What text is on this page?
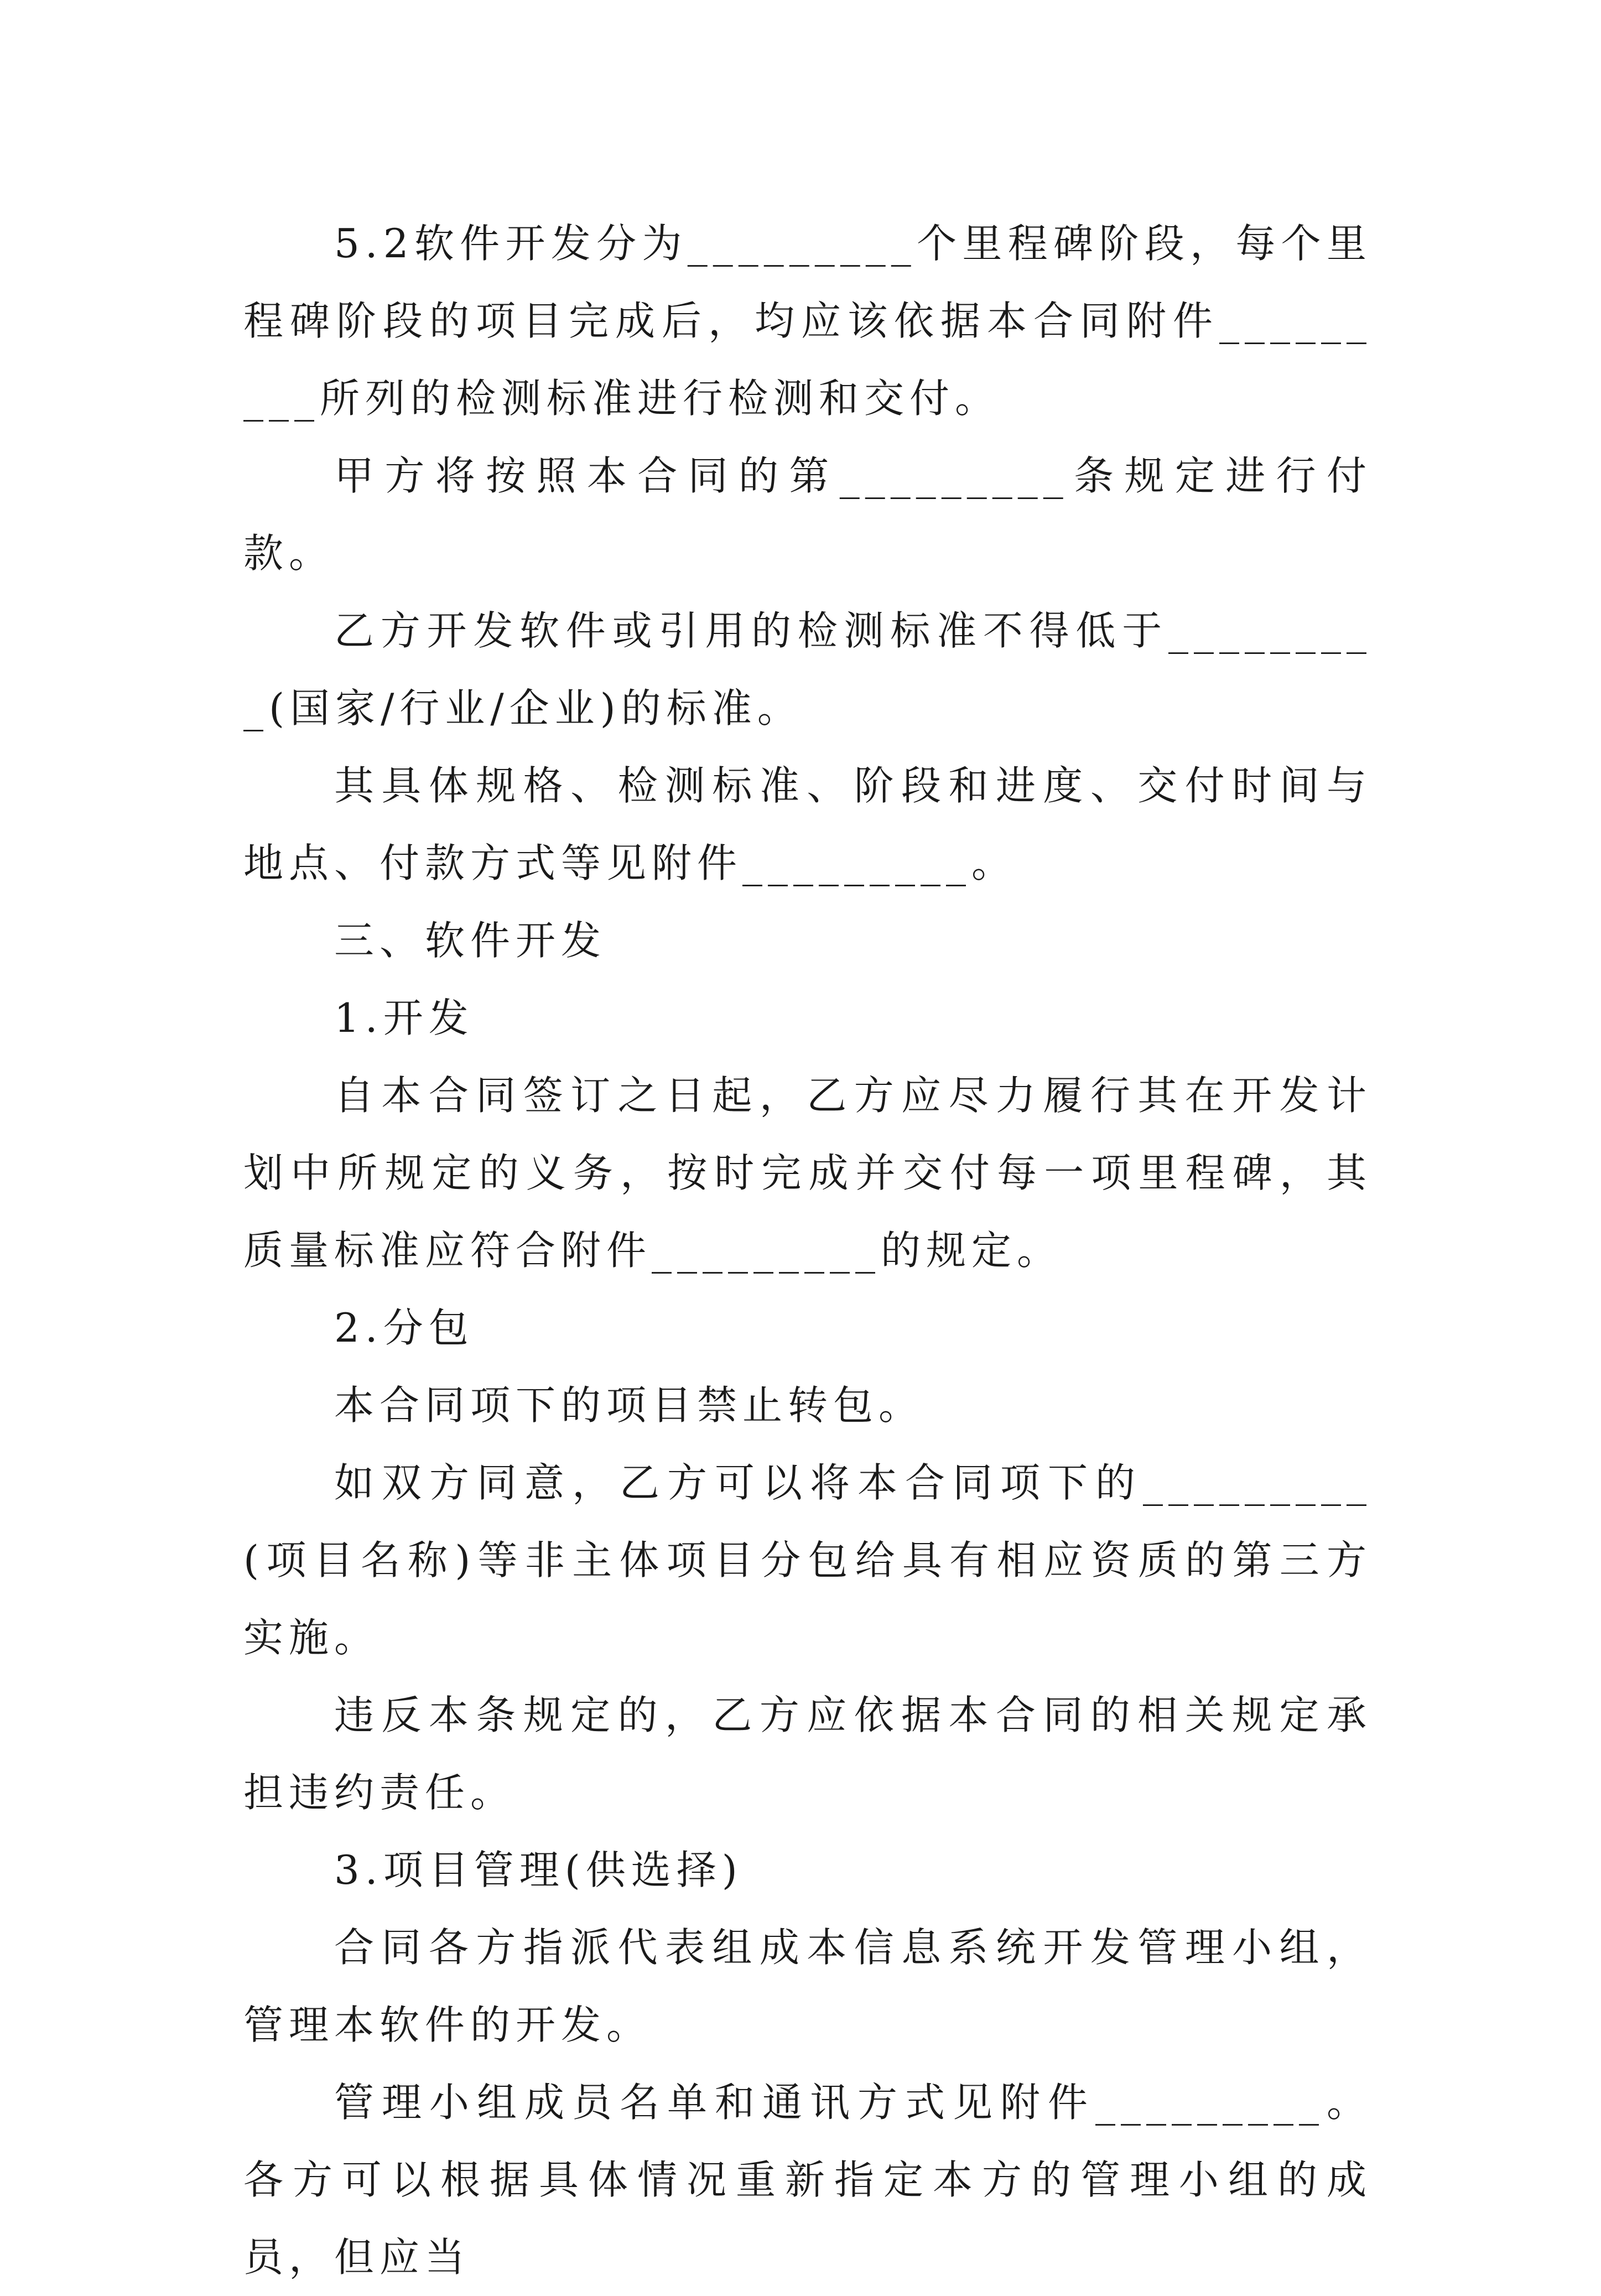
5.2软件开发分为_________个里程碑阶段，每个里程碑阶段的项目完成后，均应该依据本合同附件_________所列的检测标准进行检测和交付。

甲方将按照本合同的第_________条规定进行付款。

乙方开发软件或引用的检测标准不得低于_________(国家/行业/企业)的标准。

其具体规格、检测标准、阶段和进度、交付时间与地点、付款方式等见附件_________。

三、软件开发

1.开发

自本合同签订之日起，乙方应尽力履行其在开发计划中所规定的义务，按时完成并交付每一项里程碑，其质量标准应符合附件_________的规定。

2.分包

本合同项下的项目禁止转包。

如双方同意，乙方可以将本合同项下的_________(项目名称)等非主体项目分包给具有相应资质的第三方实施。

违反本条规定的，乙方应依据本合同的相关规定承担违约责任。

3.项目管理(供选择)

合同各方指派代表组成本信息系统开发管理小组，管理本软件的开发。

管理小组成员名单和通讯方式见附件_________。各方可以根据具体情况重新指定本方的管理小组的成员，但应当
